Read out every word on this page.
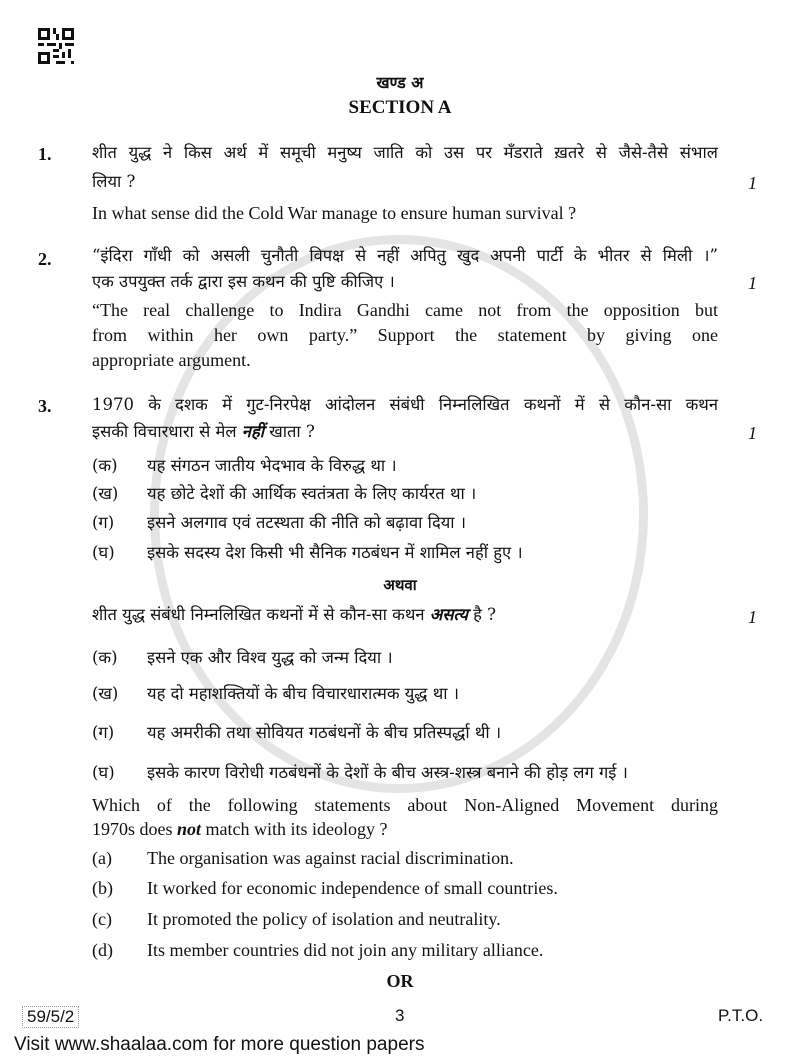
खण्ड अ
SECTION A
1. शीत युद्ध ने किस अर्थ में समूची मनुष्य जाति को उस पर मँडराते ख़तरे से जैसे-तैसे संभाल
लिया ?	1
In what sense did the Cold War manage to ensure human survival ?
2. “इंदिरा गाँधी को असली चुनौती विपक्ष से नहीं अपितु खुद अपनी पार्टी के भीतर से मिली ।”
एक उपयुक्त तर्क द्वारा इस कथन की पुष्टि कीजिए ।	1
“The real challenge to Indira Gandhi came not from the opposition but
from within her own party.” Support the statement by giving one
appropriate argument.
3. 1970 के दशक में गुट-निरपेक्ष आंदोलन संबंधी निम्नलिखित कथनों में से कौन-सा कथन
इसकी विचारधारा से मेल नहीं खाता ?	1
(क) यह संगठन जातीय भेदभाव के विरुद्ध था ।
(ख) यह छोटे देशों की आर्थिक स्वतंत्रता के लिए कार्यरत था ।
(ग) इसने अलगाव एवं तटस्थता की नीति को बढ़ावा दिया ।
(घ) इसके सदस्य देश किसी भी सैनिक गठबंधन में शामिल नहीं हुए ।
अथवा
शीत युद्ध संबंधी निम्नलिखित कथनों में से कौन-सा कथन असत्य है ?	1
(क) इसने एक और विश्व युद्ध को जन्म दिया ।
(ख) यह दो महाशक्तियों के बीच विचारधारात्मक युद्ध था ।
(ग) यह अमरीकी तथा सोवियत गठबंधनों के बीच प्रतिस्पर्द्धा थी ।
(घ) इसके कारण विरोधी गठबंधनों के देशों के बीच अस्त्र-शस्त्र बनाने की होड़ लग गई ।
Which of the following statements about Non-Aligned Movement during
1970s does not match with its ideology ?
(a) The organisation was against racial discrimination.
(b) It worked for economic independence of small countries.
(c) It promoted the policy of isolation and neutrality.
(d) Its member countries did not join any military alliance.
OR
59/5/2	3	P.T.O.
Visit www.shaalaa.com for more question papers
